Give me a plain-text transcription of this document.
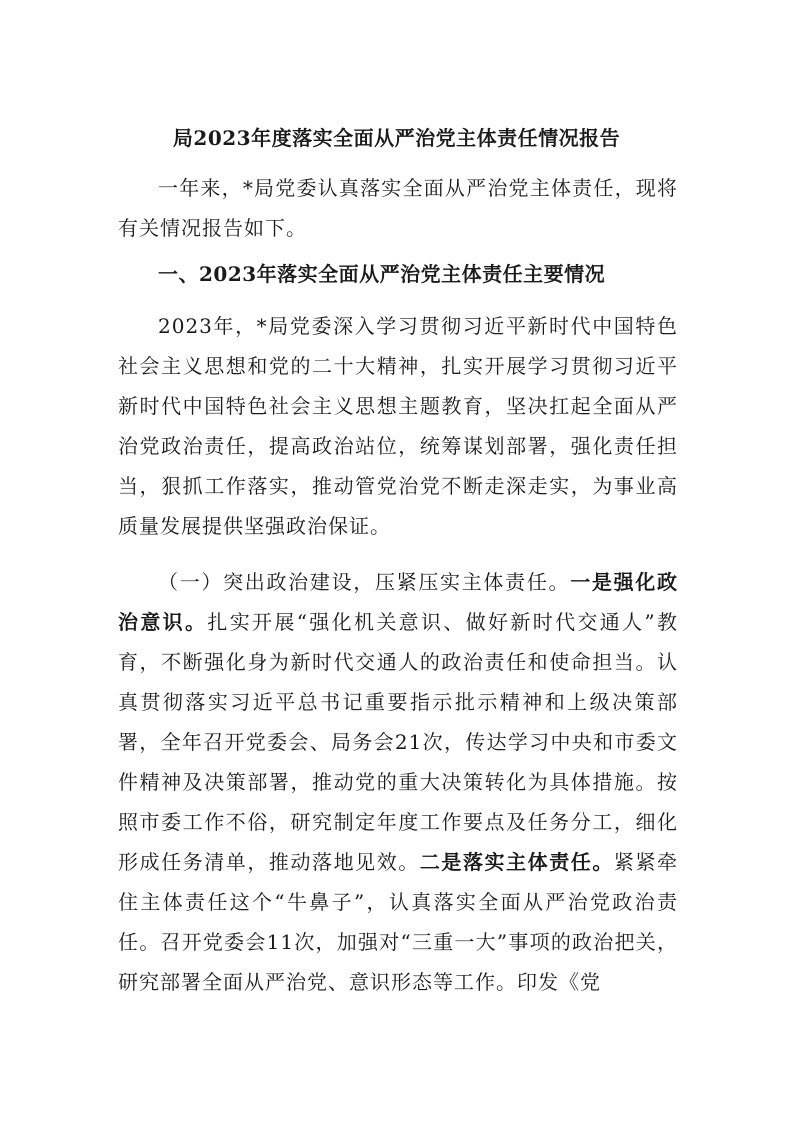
局2023年度落实全面从严治党主体责任情况报告

一年来，*局党委认真落实全面从严治党主体责任，现将有关情况报告如下。

一、2023年落实全面从严治党主体责任主要情况

2023年，*局党委深入学习贯彻习近平新时代中国特色社会主义思想和党的二十大精神，扎实开展学习贯彻习近平新时代中国特色社会主义思想主题教育，坚决扛起全面从严治党政治责任，提高政治站位，统筹谋划部署，强化责任担当，狠抓工作落实，推动管党治党不断走深走实，为事业高质量发展提供坚强政治保证。

（一）突出政治建设，压紧压实主体责任。一是强化政治意识。扎实开展“强化机关意识、做好新时代交通人”教育，不断强化身为新时代交通人的政治责任和使命担当。认真贯彻落实习近平总书记重要指示批示精神和上级决策部署，全年召开党委会、局务会21次，传达学习中央和市委文件精神及决策部署，推动党的重大决策转化为具体措施。按照市委工作不俗，研究制定年度工作要点及任务分工，细化形成任务清单，推动落地见效。二是落实主体责任。紧紧牵住主体责任这个“牛鼻子”，认真落实全面从严治党政治责任。召开党委会11次，加强对“三重一大”事项的政治把关，研究部署全面从严治党、意识形态等工作。印发《党
